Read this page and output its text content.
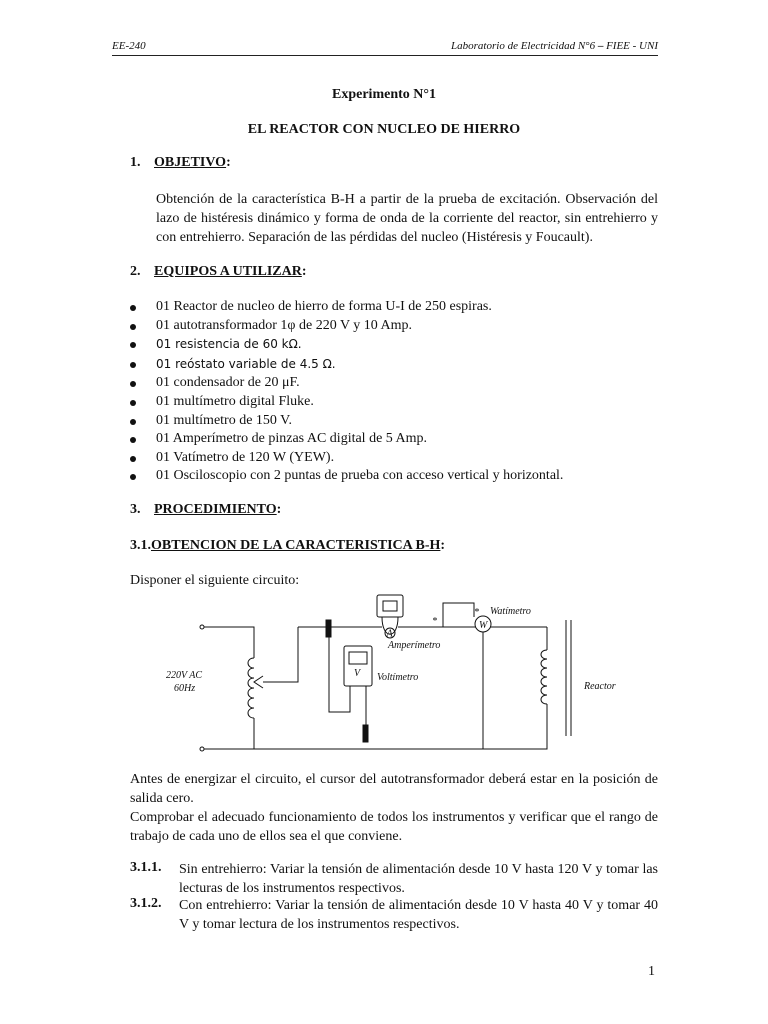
EE-240	Laboratorio de Electricidad N°6 – FIEE - UNI
Experimento N°1
EL REACTOR CON NUCLEO DE HIERRO
1. OBJETIVO:

Obtención de la característica B-H a partir de la prueba de excitación. Observación del lazo de histéresis dinámico y forma de onda de la corriente del reactor, sin entrehierro y con entrehierro. Separación de las pérdidas del nucleo (Histéresis y Foucault).

2. EQUIPOS A UTILIZAR:
01 Reactor de nucleo de hierro de forma U-I de 250 espiras.
01 autotransformador 1φ de 220 V y 10 Amp.
01 resistencia de 60 kΩ.
01 reóstato variable de 4.5 Ω.
01 condensador de 20 μF.
01 multímetro digital Fluke.
01 multímetro de 150 V.
01 Amperímetro de pinzas AC digital de 5 Amp.
01 Vatímetro de 120 W (YEW).
01 Osciloscopio con 2 puntas de prueba con acceso vertical y horizontal.
3. PROCEDIMIENTO:
3.1.OBTENCION DE LA CARACTERISTICA B-H:
Disponer el siguiente circuito:
220V AC
60Hz
A
Amperímetro
V Voltímetro
W
*
*
Watímetro
Reactor

Antes de energizar el circuito, el cursor del autotransformador deberá estar en la posición de salida cero.

Comprobar el adecuado funcionamiento de todos los instrumentos y verificar que el rango de trabajo de cada uno de ellos sea el que conviene.

3.1.1.	Sin entrehierro: Variar la tensión de alimentación desde 10 V hasta 120 V y tomar las lecturas de los instrumentos respectivos.
3.1.2.	Con entrehierro: Variar la tensión de alimentación desde 10 V hasta 40 V y tomar 40 V y tomar lectura de los instrumentos respectivos.
1
